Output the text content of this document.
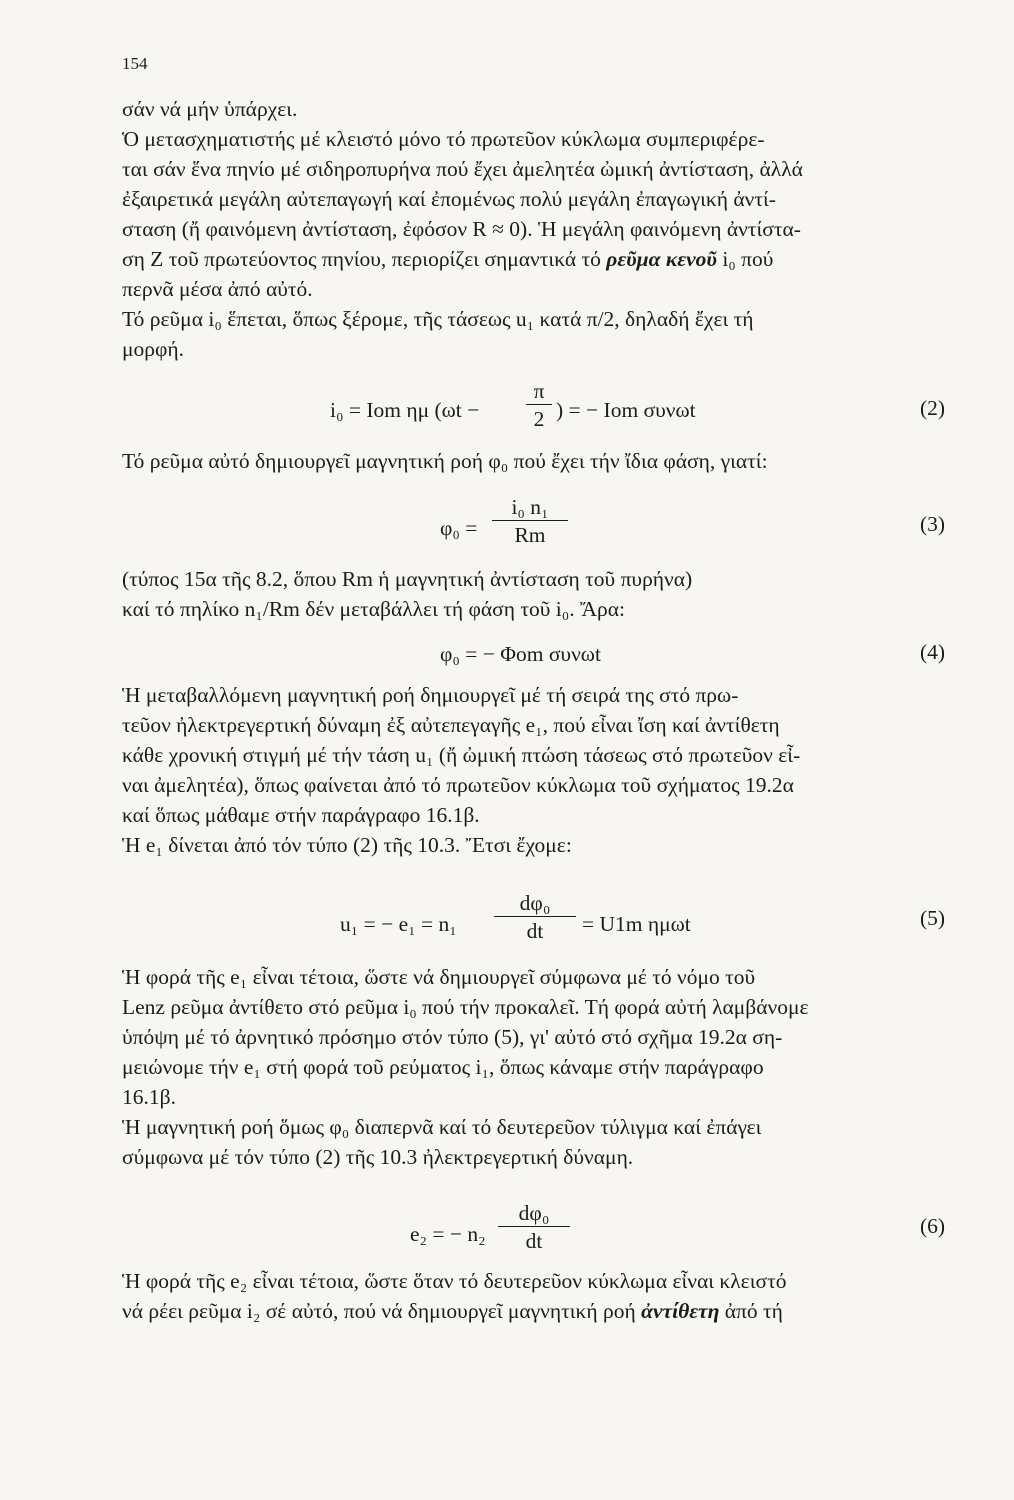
154
σάν νά μήν ὑπάρχει.
Ὁ μετασχηματιστής μέ κλειστό μόνο τό πρωτεῦον κύκλωμα συμπεριφέρε-
ται σάν ἕνα πηνίο μέ σιδηροπυρήνα πού ἔχει ἀμελητέα ὠμική ἀντίσταση, ἀλλά
ἐξαιρετικά μεγάλη αὐτεπαγωγή καί ἐπομένως πολύ μεγάλη ἐπαγωγική ἀντί-
σταση (ἤ φαινόμενη ἀντίσταση, ἐφόσον R ≈ 0). Ἡ μεγάλη φαινόμενη ἀντίστα-
ση Z τοῦ πρωτεύοντος πηνίου, περιορίζει σημαντικά τό ρεῦμα κενοῦ i₀ πού
περνᾶ μέσα ἀπό αὐτό.
Τό ρεῦμα i₀ ἕπεται, ὅπως ξέρομε, τῆς τάσεως u₁ κατά π/2, δηλαδή ἔχει τή
μορφή.
i₀ = Iom ημ (ωt −
π
2 ) = − Iom συνωt	(2)
Τό ρεῦμα αὐτό δημιουργεῖ μαγνητική ροή φ₀ πού ἔχει τήν ἴδια φάση, γιατί:
φ₀ =
i₀ n₁
Rm	(3)
(τύπος 15α τῆς 8.2, ὅπου Rm ἡ μαγνητική ἀντίσταση τοῦ πυρήνα)
καί τό πηλίκο n₁/Rm δέν μεταβάλλει τή φάση τοῦ i₀. Ἄρα:
φ₀ = − Φom συνωt	(4)
Ἡ μεταβαλλόμενη μαγνητική ροή δημιουργεῖ μέ τή σειρά της στό πρω-
τεῦον ἠλεκτρεγερτική δύναμη ἐξ αὐτεπεγαγῆς e₁, πού εἶναι ἴση καί ἀντίθετη
κάθε χρονική στιγμή μέ τήν τάση u₁ (ἤ ὠμική πτώση τάσεως στό πρωτεῦον εἶ-
ναι ἀμελητέα), ὅπως φαίνεται ἀπό τό πρωτεῦον κύκλωμα τοῦ σχήματος 19.2α
καί ὅπως μάθαμε στήν παράγραφο 16.1β.
Ἡ e₁ δίνεται ἀπό τόν τύπο (2) τῆς 10.3. Ἔτσι ἔχομε:
u₁ = − e₁ = n₁
dφ₀
dt	= U1m ημωt	(5)
Ἡ φορά τῆς e₁ εἶναι τέτοια, ὥστε νά δημιουργεῖ σύμφωνα μέ τό νόμο τοῦ
Lenz ρεῦμα ἀντίθετο στό ρεῦμα i₀ πού τήν προκαλεῖ. Τή φορά αὐτή λαμβάνομε
ὑπόψη μέ τό ἀρνητικό πρόσημο στόν τύπο (5), γι' αὐτό στό σχῆμα 19.2α ση-
μειώνομε τήν e₁ στή φορά τοῦ ρεύματος i₁, ὅπως κάναμε στήν παράγραφο
16.1β.
Ἡ μαγνητική ροή ὅμως φ₀ διαπερνᾶ καί τό δευτερεῦον τύλιγμα καί ἐπάγει
σύμφωνα μέ τόν τύπο (2) τῆς 10.3 ἠλεκτρεγερτική δύναμη.
e₂ = − n₂
dφ₀
dt
(6)
Ἡ φορά τῆς e₂ εἶναι τέτοια, ὥστε ὅταν τό δευτερεῦον κύκλωμα εἶναι κλειστό
νά ρέει ρεῦμα i₂ σέ αὐτό, πού νά δημιουργεῖ μαγνητική ροή ἀντίθετη ἀπό τή
